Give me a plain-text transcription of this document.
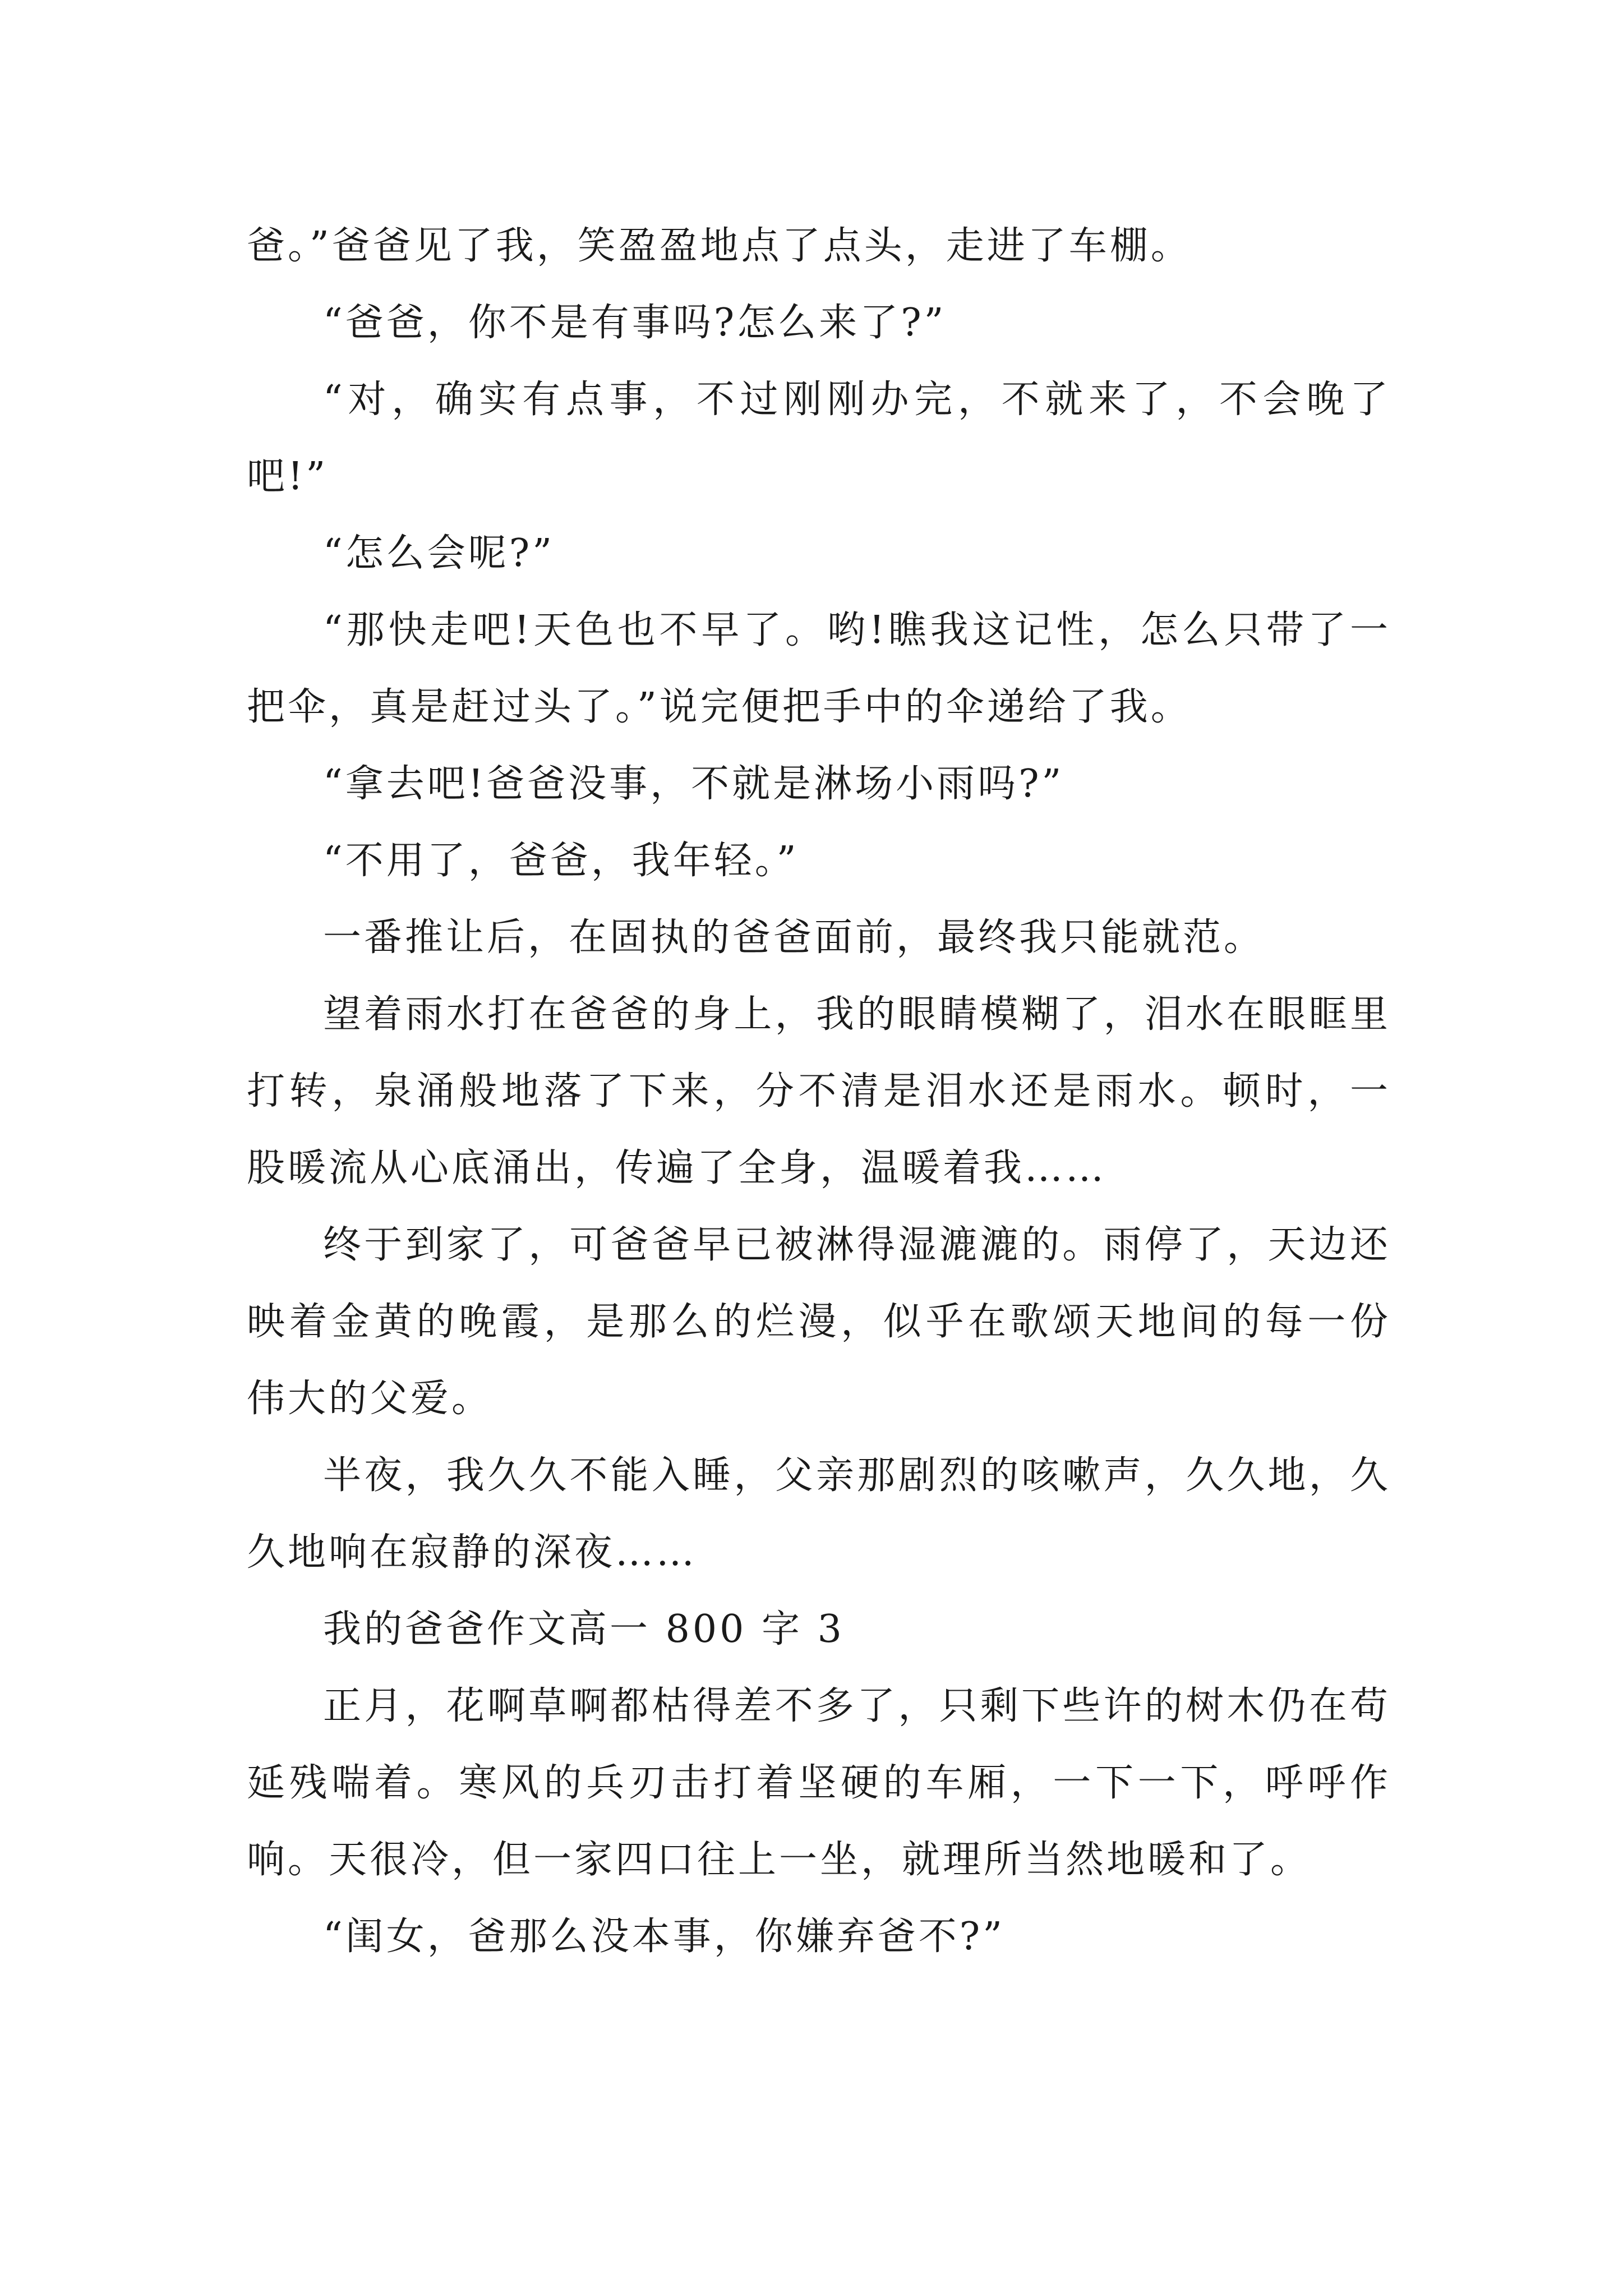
爸。”爸爸见了我，笑盈盈地点了点头，走进了车棚。

“爸爸，你不是有事吗?怎么来了?”

“对，确实有点事，不过刚刚办完，不就来了，不会晚了吧!”

“怎么会呢?”

“那快走吧!天色也不早了。哟!瞧我这记性，怎么只带了一把伞，真是赶过头了。”说完便把手中的伞递给了我。

“拿去吧!爸爸没事，不就是淋场小雨吗?”

“不用了，爸爸，我年轻。”

一番推让后，在固执的爸爸面前，最终我只能就范。

望着雨水打在爸爸的身上，我的眼睛模糊了，泪水在眼眶里打转，泉涌般地落了下来，分不清是泪水还是雨水。顿时，一股暖流从心底涌出，传遍了全身，温暖着我……

终于到家了，可爸爸早已被淋得湿漉漉的。雨停了，天边还映着金黄的晚霞，是那么的烂漫，似乎在歌颂天地间的每一份伟大的父爱。

半夜，我久久不能入睡，父亲那剧烈的咳嗽声，久久地，久久地响在寂静的深夜……

我的爸爸作文高一 800 字 3

正月，花啊草啊都枯得差不多了，只剩下些许的树木仍在苟延残喘着。寒风的兵刃击打着坚硬的车厢，一下一下，呼呼作响。天很冷，但一家四口往上一坐，就理所当然地暖和了。

“闺女，爸那么没本事，你嫌弃爸不?”
